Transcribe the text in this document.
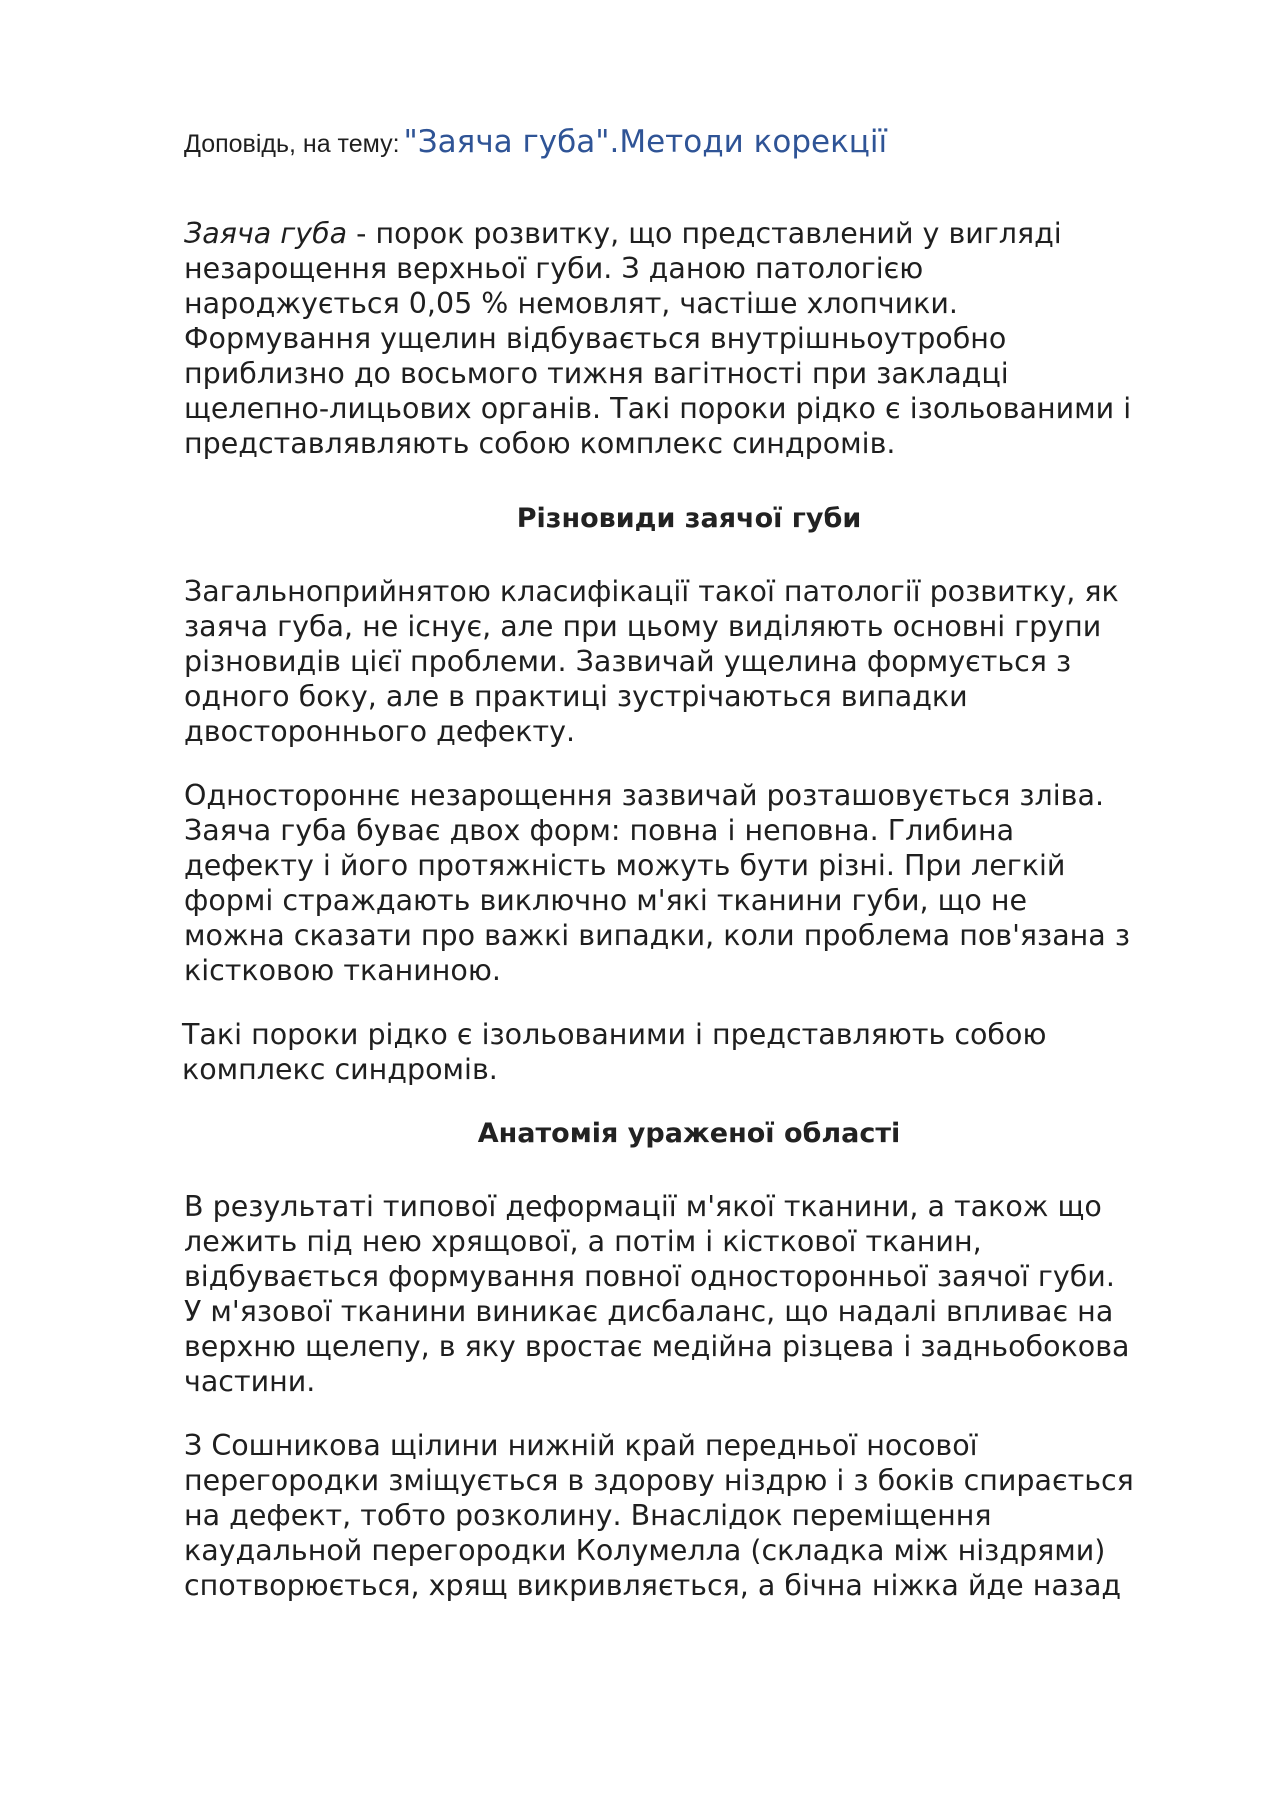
Доповідь, на тему: "Заяча губа".Методи корекції

Заяча губа - порок розвитку, що представлений у вигляді
незарощення верхньої губи. З даною патологією
народжується 0,05 % немовлят, частіше хлопчики.
Формування ущелин відбувається внутрішньоутробно
приблизно до восьмого тижня вагітності при закладці
щелепно-лицьових органів. Такі пороки рідко є ізольованими і
представлявляють собою комплекс синдромів.

Різновиди заячої губи

Загальноприйнятою класифікації такої патології розвитку, як
заяча губа, не існує, але при цьому виділяють основні групи
різновидів цієї проблеми. Зазвичай ущелина формується з
одного боку, але в практиці зустрічаються випадки
двостороннього дефекту.

Одностороннє незарощення зазвичай розташовується зліва.
Заяча губа буває двох форм: повна і неповна. Глибина
дефекту і його протяжність можуть бути різні. При легкій
формі страждають виключно м'які тканини губи, що не
можна сказати про важкі випадки, коли проблема пов'язана з
кістковою тканиною.

Такі пороки рідко є ізольованими і представляють собою
комплекс синдромів.

Анатомія ураженої області

В результаті типової деформації м'якої тканини, а також що
лежить під нею хрящової, а потім і кісткової тканин,
відбувається формування повної односторонньої заячої губи.
У м'язової тканини виникає дисбаланс, що надалі впливає на
верхню щелепу, в яку вростає медійна різцева і задньобокова
частини.

З Сошникова щілини нижній край передньої носової
перегородки зміщується в здорову ніздрю і з боків спирається
на дефект, тобто розколину. Внаслідок переміщення
каудальной перегородки Колумелла (складка між ніздрями)
спотворюється, хрящ викривляється, а бічна ніжка йде назад
